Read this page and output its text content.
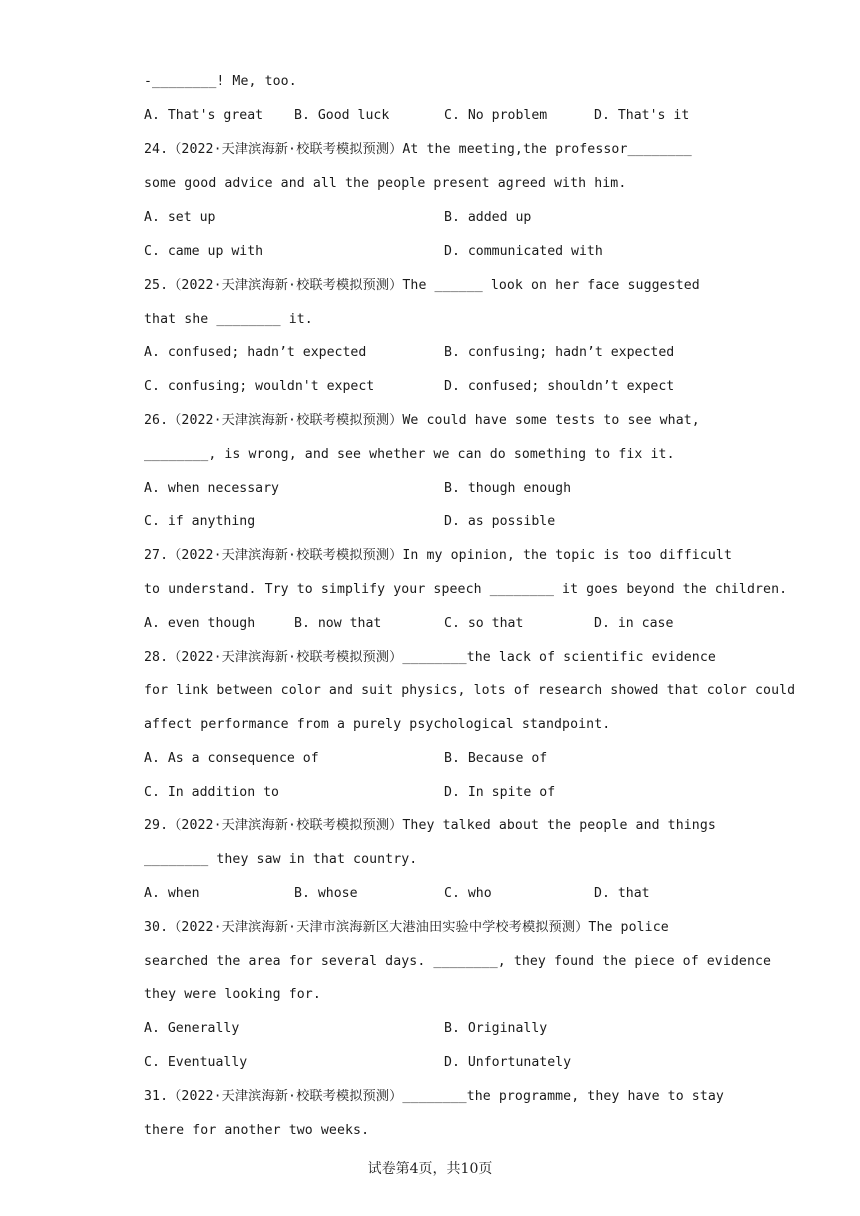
-________! Me, too.
A. That's great B. Good luck	C. No problem	D. That's it
24.（2022·天津滨海新·校联考模拟预测）At the meeting,the professor________
some good advice and all the people present agreed with him.
A. set up	B. added up
C. came up with	D. communicated with
25.（2022·天津滨海新·校联考模拟预测）The ______ look on her face suggested
that she ________ it.
A. confused; hadn’t expected	B. confusing; hadn’t expected
C. confusing; wouldn't expect	D. confused; shouldn’t expect
26.（2022·天津滨海新·校联考模拟预测）We could have some tests to see what,
________, is wrong, and see whether we can do something to fix it.
A. when necessary	B. though enough
C. if anything	D. as possible
27.（2022·天津滨海新·校联考模拟预测）In my opinion, the topic is too difficult
to understand. Try to simplify your speech ________ it goes beyond the children.
A. even though	B. now that	C. so that	D. in case
28.（2022·天津滨海新·校联考模拟预测）________the lack of scientific evidence
for link between color and suit physics, lots of research showed that color could
affect performance from a purely psychological standpoint.
A. As a consequence of	B. Because of
C. In addition to	D. In spite of
29.（2022·天津滨海新·校联考模拟预测）They talked about the people and things
________ they saw in that country.
A. when	B. whose	C. who	D. that
30.（2022·天津滨海新·天津市滨海新区大港油田实验中学校考模拟预测）The police
searched the area for several days. ________, they found the piece of evidence
they were looking for.
A. Generally	B. Originally
C. Eventually	D. Unfortunately
31.（2022·天津滨海新·校联考模拟预测）________the programme, they have to stay
there for another two weeks.
试卷第4页，共10页
